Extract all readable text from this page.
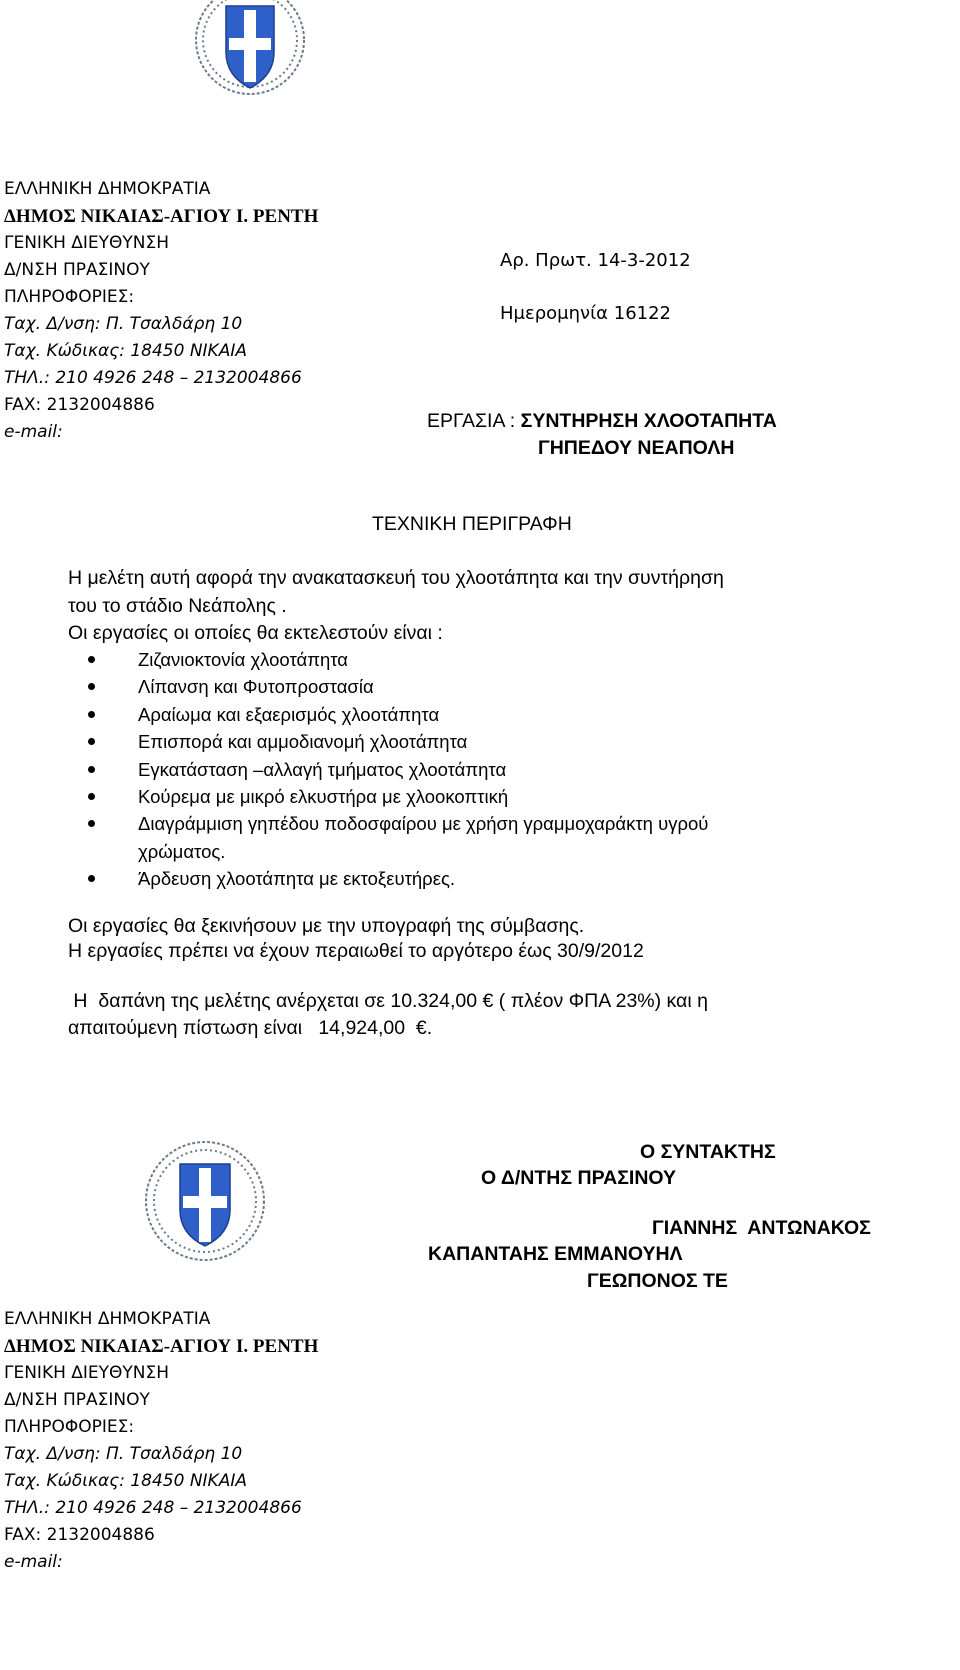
ΕΛΛΗΝΙΚΗ ΔΗΜΟΚΡΑΤΙΑ
ΔΗΜΟΣ ΝΙΚΑΙΑΣ-ΑΓΙΟΥ Ι. ΡΕΝΤΗ
ΓΕΝΙΚΗ ΔΙΕΥΘΥΝΣΗ
Δ/ΝΣΗ ΠΡΑΣΙΝΟΥ
ΠΛΗΡΟΦΟΡΙΕΣ:
Ταχ. Δ/νση: Π. Τσαλδάρη 10
Ταχ. Κώδικας: 18450 ΝΙΚΑΙΑ
ΤΗΛ.: 210 4926 248 – 2132004866
FAX: 2132004886
e-mail:
Αρ. Πρωτ. 14-3-2012
Ημερομηνία 16122
ΕΡΓΑΣΙΑ : ΣΥΝΤΗΡΗΣΗ ΧΛΟΟΤΑΠΗΤΑ
ΓΗΠΕΔΟΥ ΝΕΑΠΟΛΗ
ΤΕΧΝΙΚΗ ΠΕΡΙΓΡΑΦΗ
Η μελέτη αυτή αφορά την ανακατασκευή του χλοοτάπητα και την συντήρηση
του το στάδιο Νεάπολης .
Οι εργασίες οι οποίες θα εκτελεστούν είναι :
Ζιζανιοκτονία χλοοτάπητα
Λίπανση και Φυτοπροστασία
Αραίωμα και εξαερισμός χλοοτάπητα
Επισπορά και αμμοδιανομή χλοοτάπητα
Εγκατάσταση –αλλαγή τμήματος χλοοτάπητα
Κούρεμα με μικρό ελκυστήρα με χλοοκοπτική
Διαγράμμιση γηπέδου ποδοσφαίρου με χρήση γραμμοχαράκτη υγρού
χρώματος.
Άρδευση χλοοτάπητα με εκτοξευτήρες.
Οι εργασίες θα ξεκινήσουν με την υπογραφή της σύμβασης.
Η εργασίες πρέπει να έχουν περαιωθεί το αργότερο έως 30/9/2012
Η  δαπάνη της μελέτης ανέρχεται σε 10.324,00 € ( πλέον ΦΠΑ 23%) και η
απαιτούμενη πίστωση είναι   14,924,00  €.
Ο ΣΥΝΤΑΚΤΗΣ
Ο Δ/ΝΤΗΣ ΠΡΑΣΙΝΟΥ
ΓΙΑΝΝΗΣ  ΑΝΤΩΝΑΚΟΣ
ΚΑΠΑΝΤΑΗΣ ΕΜΜΑΝΟΥΗΛ
ΓΕΩΠΟΝΟΣ ΤΕ
ΕΛΛΗΝΙΚΗ ΔΗΜΟΚΡΑΤΙΑ
ΔΗΜΟΣ ΝΙΚΑΙΑΣ-ΑΓΙΟΥ Ι. ΡΕΝΤΗ
ΓΕΝΙΚΗ ΔΙΕΥΘΥΝΣΗ
Δ/ΝΣΗ ΠΡΑΣΙΝΟΥ
ΠΛΗΡΟΦΟΡΙΕΣ:
Ταχ. Δ/νση: Π. Τσαλδάρη 10
Ταχ. Κώδικας: 18450 ΝΙΚΑΙΑ
ΤΗΛ.: 210 4926 248 – 2132004866
FAX: 2132004886
e-mail:
